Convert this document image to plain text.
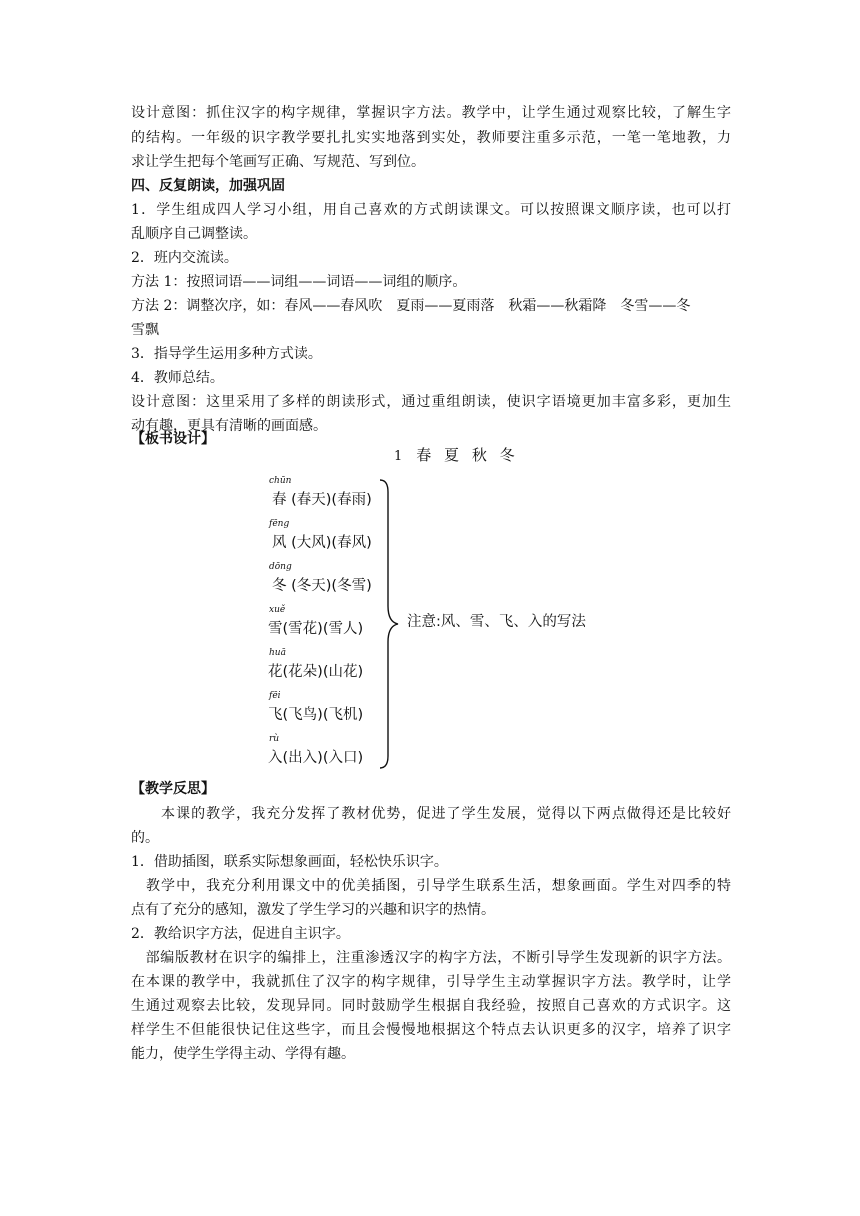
设计意图：抓住汉字的构字规律，掌握识字方法。教学中，让学生通过观察比较，了解生字
的结构。一年级的识字教学要扎扎实实地落到实处，教师要注重多示范，一笔一笔地教，力
求让学生把每个笔画写正确、写规范、写到位。
四、反复朗读，加强巩固
1．学生组成四人学习小组，用自己喜欢的方式朗读课文。可以按照课文顺序读，也可以打
乱顺序自己调整读。
2．班内交流读。
方法 1：按照词语——词组——词语——词组的顺序。
方法 2：调整次序，如：春风——春风吹　夏雨——夏雨落　秋霜——秋霜降　冬雪——冬
雪飘
3．指导学生运用多种方式读。
4．教师总结。
设计意图：这里采用了多样的朗读形式，通过重组朗读，使识字语境更加丰富多彩，更加生
动有趣，更具有清晰的画面感。
【板书设计】
1 春 夏 秋 冬
chūn
春 (春天)(春雨)
fēng
风 (大风)(春风)
dōng
冬 (冬天)(冬雪)
xuě
雪(雪花)(雪人)
huā
花(花朵)(山花)
fēi
飞(飞鸟)(飞机)
rù
入(出入)(入口)
注意:风、雪、飞、入的写法
【教学反思】
　　本课的教学，我充分发挥了教材优势，促进了学生发展，觉得以下两点做得还是比较好
的。
1．借助插图，联系实际想象画面，轻松快乐识字。
　教学中，我充分利用课文中的优美插图，引导学生联系生活，想象画面。学生对四季的特
点有了充分的感知，激发了学生学习的兴趣和识字的热情。
2．教给识字方法，促进自主识字。
　部编版教材在识字的编排上，注重渗透汉字的构字方法，不断引导学生发现新的识字方法。
在本课的教学中，我就抓住了汉字的构字规律，引导学生主动掌握识字方法。教学时，让学
生通过观察去比较，发现异同。同时鼓励学生根据自我经验，按照自己喜欢的方式识字。这
样学生不但能很快记住这些字，而且会慢慢地根据这个特点去认识更多的汉字，培养了识字
能力，使学生学得主动、学得有趣。
